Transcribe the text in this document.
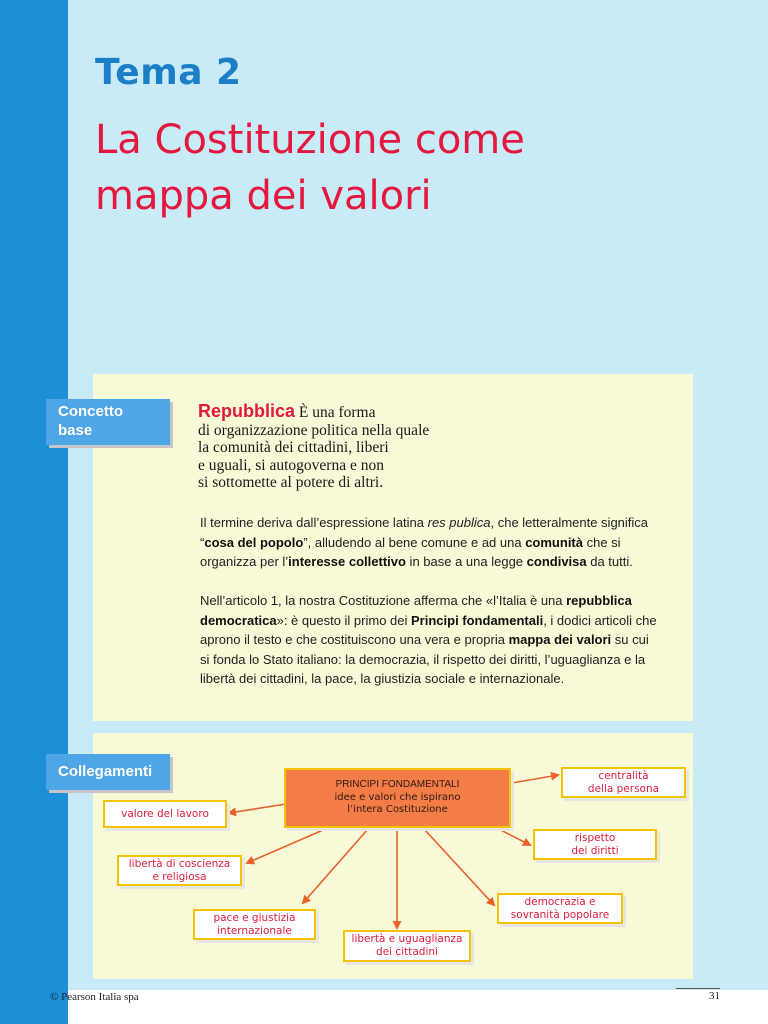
Tema 2
La Costituzione come
mappa dei valori
Concetto
base
Repubblica È una forma
di organizzazione politica nella quale
la comunità dei cittadini, liberi
e uguali, si autogoverna e non
si sottomette al potere di altri.

Il termine deriva dall’espressione latina res publica, che letteralmente significa “cosa del popolo”, alludendo al bene comune e ad una comunità che si organizza per l’interesse collettivo in base a una legge condivisa da tutti.

Nell’articolo 1, la nostra Costituzione afferma che «l’Italia è una repubblica democratica»: è questo il primo dei Principi fondamentali, i dodici articoli che aprono il testo e che costituiscono una vera e propria mappa dei valori su cui si fonda lo Stato italiano: la democrazia, il rispetto dei diritti, l’uguaglianza e la libertà dei cittadini, la pace, la giustizia sociale e internazionale.

Collegamenti
PRINCIPI FONDAMENTALI
idee e valori che ispirano
l’intera Costituzione
valore del lavoro
libertà di coscienza
e religiosa
pace e giustizia
internazionale
libertà e uguaglianza
dei cittadini
democrazia e
sovranità popolare
rispetto
dei diritti
centralità
della persona
© Pearson Italia spa	31
